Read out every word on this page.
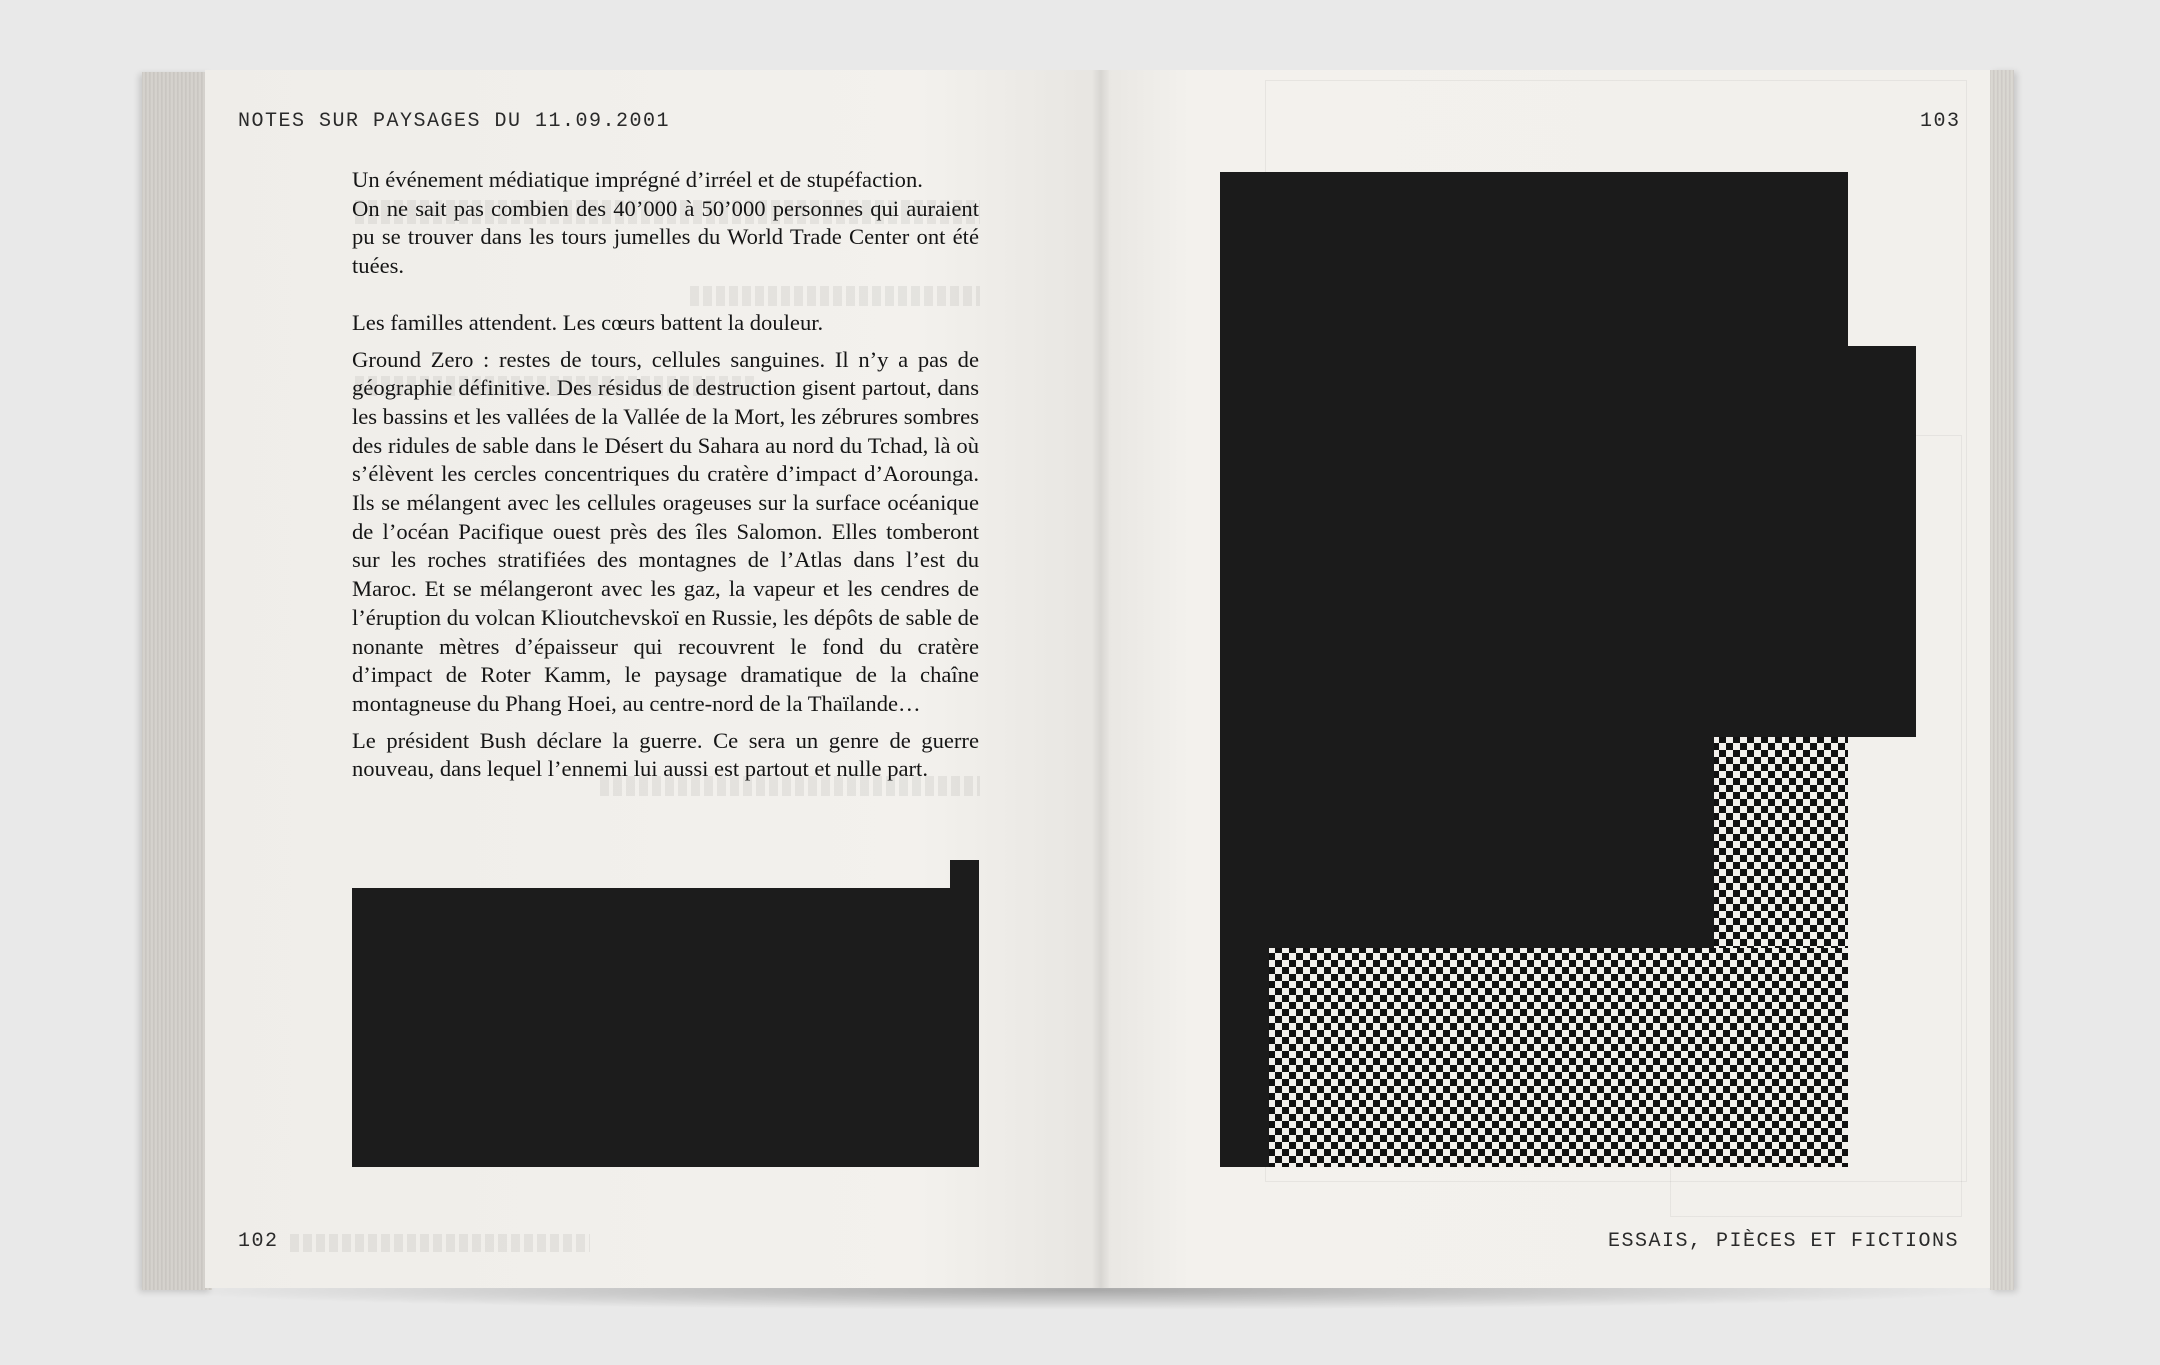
NOTES SUR PAYSAGES DU 11.09.2001
102
103
ESSAIS, PIÈCES ET FICTIONS

Un événement médiatique imprégné d’irréel et de stupéfaction.

On ne sait pas combien des 40’000 à 50’000 personnes qui auraient pu se trouver dans les tours jumelles du World Trade Center ont été tuées.

Les familles attendent. Les cœurs battent la douleur.

Ground Zero : restes de tours, cellules sanguines. Il n’y a pas de géographie définitive. Des résidus de destruction gisent partout, dans les bassins et les vallées de la Vallée de la Mort, les zébrures sombres des ridules de sable dans le Désert du Sahara au nord du Tchad, là où s’élèvent les cercles concentriques du cratère d’impact d’Aorounga. Ils se mélangent avec les cellules orageuses sur la surface océanique de l’océan Pacifique ouest près des îles Salomon. Elles tomberont sur les roches stratifiées des montagnes de l’Atlas dans l’est du Maroc. Et se mélangeront avec les gaz, la vapeur et les cendres de l’éruption du volcan Klioutchevskoï en Russie, les dépôts de sable de nonante mètres d’épaisseur qui recouvrent le fond du cratère d’impact de Roter Kamm, le paysage dramatique de la chaîne montagneuse du Phang Hoei, au centre-nord de la Thaïlande…

Le président Bush déclare la guerre. Ce sera un genre de guerre nouveau, dans lequel l’ennemi lui aussi est partout et nulle part.
